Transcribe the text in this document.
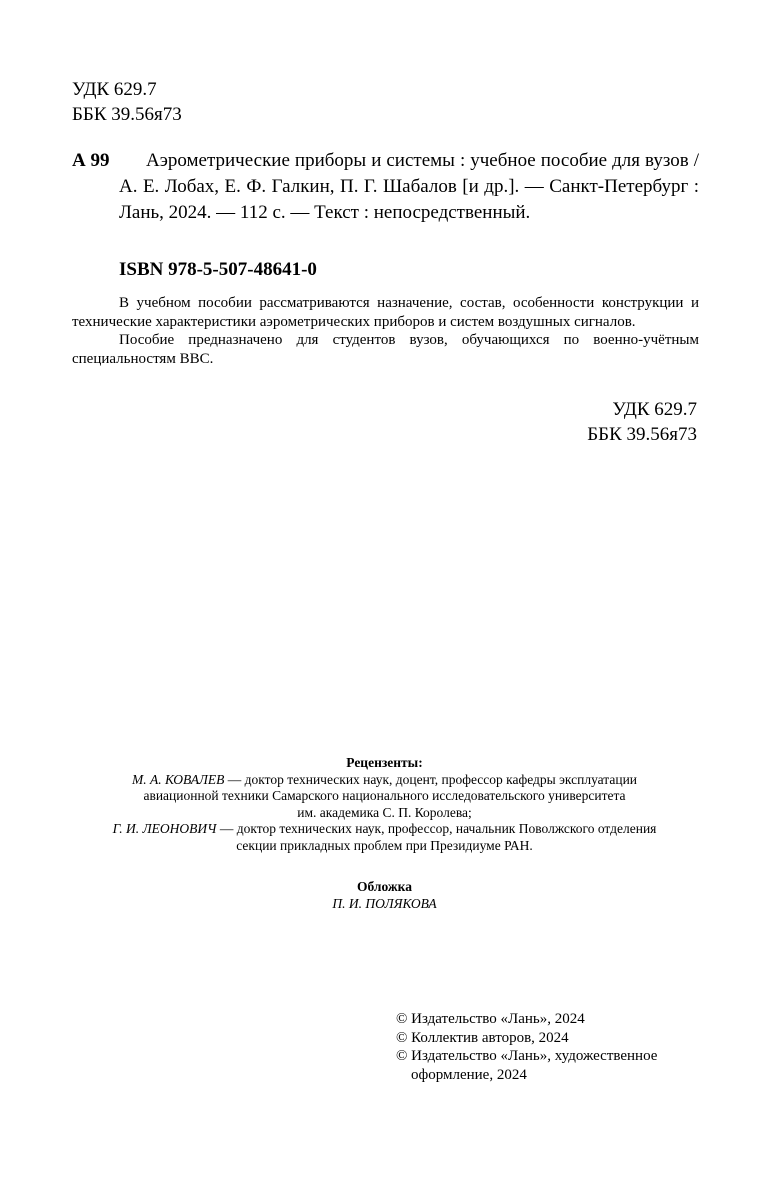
УДК 629.7
ББК 39.56я73
А 99	Аэрометрические приборы и системы : учебное пособие для вузов / А. Е. Лобах, Е. Ф. Галкин, П. Г. Шабалов [и др.]. — Санкт-Петербург : Лань, 2024. — 112 с. — Текст : непосредственный.
ISBN 978-5-507-48641-0

В учебном пособии рассматриваются назначение, состав, особенности конструкции и технические характеристики аэрометрических приборов и систем воздушных сигналов.

Пособие предназначено для студентов вузов, обучающихся по военно-учётным специальностям ВВС.

УДК 629.7
ББК 39.56я73
Рецензенты:
М. А. КОВАЛЕВ — доктор технических наук, доцент, профессор кафедры эксплуатации
авиационной техники Самарского национального исследовательского университета
им. академика С. П. Королева;
Г. И. ЛЕОНОВИЧ — доктор технических наук, профессор, начальник Поволжского отделения
секции прикладных проблем при Президиуме РАН.
Обложка
П. И. ПОЛЯКОВА
© Издательство «Лань», 2024
© Коллектив авторов, 2024
© Издательство «Лань», художественное оформление, 2024
